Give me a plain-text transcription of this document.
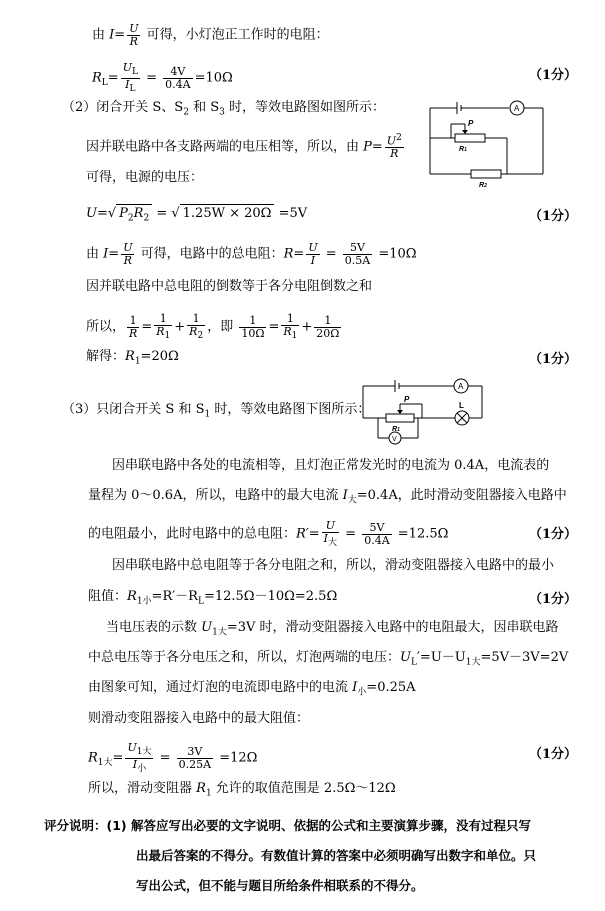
由 $I= \frac{U}{R}$ 可得，小灯泡正工作时的电阻：
$R_L= \frac{U_L}{I_L} = \frac{4V}{0.4A} =10\Omega$	（1分）
（2）闭合开关 S、$S_2$ 和 $S_3$ 时，等效电路图如图所示：	A
P
R1
R2
因并联电路中各支路两端的电压相等，所以，由 $P= \frac{U^2}{R}$
可得，电源的电压：
U=√ $P_2R_2$ = √ 1.25W × 20Ω =5V	（1分）
由 $I= \frac{U}{R}$ 可得，电路中的总电阻：$R= \frac{U}{I} = \frac{5V}{0.5A} =10\Omega$
因并联电路中总电阻的倒数等于各分电阻倒数之和
所以， $\frac{1}{R} = \frac{1}{R_1} + \frac{1}{R_2}$ ，即 $\frac{1}{10\Omega} = \frac{1}{R_1} + \frac{1}{20\Omega}$
解得：$R_1=20\Omega$	（1分）
A
L
P
R1
V
（3）只闭合开关 S 和 $S_1$ 时，等效电路图下图所示：
因串联电路中各处的电流相等，且灯泡正常发光时的电流为 0.4A，电流表的
量程为 0～0.6A，所以，电路中的最大电流 $I_大=0.4A$，此时滑动变阻器接入电路中
的电阻最小，此时电路中的总电阻：$R'= \frac{U}{I_大} = \frac{5V}{0.4A} =12.5\Omega$	（1分）
因串联电路中总电阻等于各分电阻之和，所以，滑动变阻器接入电路中的最小
阻值：$R_{1小}=R'-R_L=12.5\Omega-10\Omega=2.5\Omega$	（1分）
当电压表的示数 $U_{1大}=3V$ 时，滑动变阻器接入电路中的电阻最大，因串联电路
中总电压等于各分电压之和，所以，灯泡两端的电压：$U_L'=U-U_{1大}=5V-3V=2V$
由图象可知，通过灯泡的电流即电路中的电流 $I_小=0.25A$
则滑动变阻器接入电路中的最大阻值：
$R_{1大}= \frac{U_{1大}}{I_小} = \frac{3V}{0.25A} =12\Omega$	（1分）
所以，滑动变阻器 $R_1$ 允许的取值范围是 2.5Ω～12Ω
评分说明：(1) 解答应写出必要的文字说明、依据的公式和主要演算步骤，没有过程只写
出最后答案的不得分。有数值计算的答案中必须明确写出数字和单位。只
写出公式，但不能与题目所给条件相联系的不得分。
